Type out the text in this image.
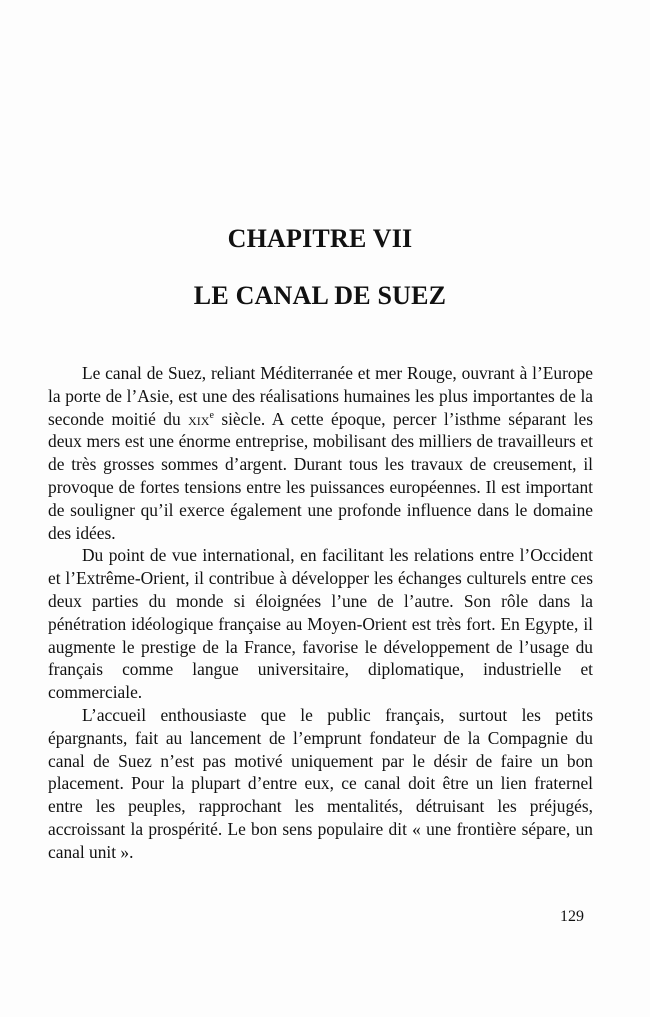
CHAPITRE VII
LE CANAL DE SUEZ

Le canal de Suez, reliant Méditerranée et mer Rouge, ouvrant à l’Europe la porte de l’Asie, est une des réalisations humaines les plus importantes de la seconde moitié du xix$^e$ siècle. A cette époque, percer l’isthme séparant les deux mers est une énorme entreprise, mobilisant des milliers de travailleurs et de très grosses sommes d’argent. Durant tous les travaux de creusement, il provoque de fortes tensions entre les puissances européennes. Il est important de souligner qu’il exerce également une profonde influence dans le domaine des idées.

Du point de vue international, en facilitant les relations entre l’Occident et l’Extrême-Orient, il contribue à développer les échanges culturels entre ces deux parties du monde si éloignées l’une de l’autre. Son rôle dans la pénétration idéologique française au Moyen-Orient est très fort. En Egypte, il augmente le prestige de la France, favorise le développement de l’usage du français comme langue universitaire, diplomatique, industrielle et commerciale.

L’accueil enthousiaste que le public français, surtout les petits épargnants, fait au lancement de l’emprunt fondateur de la Compagnie du canal de Suez n’est pas motivé uniquement par le désir de faire un bon placement. Pour la plupart d’entre eux, ce canal doit être un lien fraternel entre les peuples, rapprochant les mentalités, détruisant les préjugés, accroissant la prospérité. Le bon sens populaire dit « une frontière sépare, un canal unit ».

129
